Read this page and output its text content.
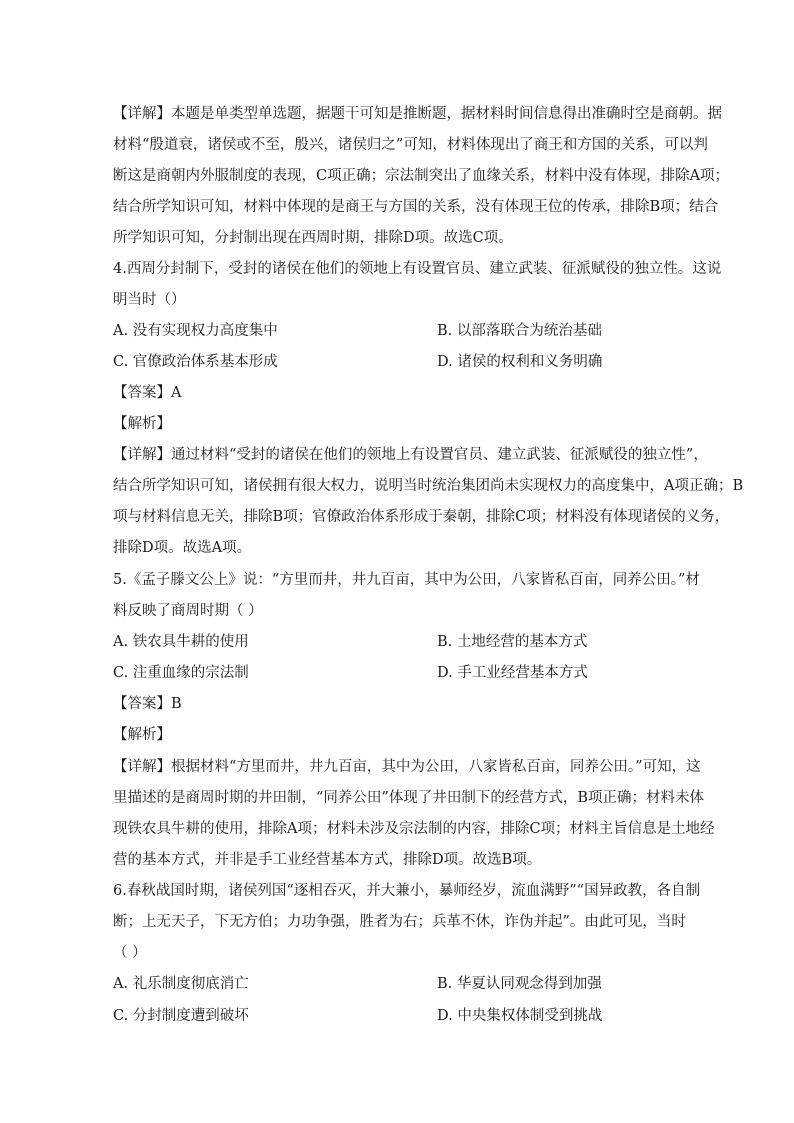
【详解】本题是单类型单选题，据题干可知是推断题，据材料时间信息得出准确时空是商朝。据
材料“殷道衰，诸侯或不至，殷兴，诸侯归之”可知，材料体现出了商王和方国的关系，可以判
断这是商朝内外服制度的表现，C项正确；宗法制突出了血缘关系，材料中没有体现，排除A项；
结合所学知识可知，材料中体现的是商王与方国的关系，没有体现王位的传承，排除B项；结合
所学知识可知，分封制出现在西周时期，排除D项。故选C项。
4.西周分封制下，受封的诸侯在他们的领地上有设置官员、建立武装、征派赋役的独立性。这说
明当时（）
A. 没有实现权力高度集中	B. 以部落联合为统治基础
C. 官僚政治体系基本形成	D. 诸侯的权利和义务明确
【答案】A
【解析】
【详解】通过材料“受封的诸侯在他们的领地上有设置官员、建立武装、征派赋役的独立性”，
结合所学知识可知，诸侯拥有很大权力，说明当时统治集团尚未实现权力的高度集中，A项正确；B
项与材料信息无关，排除B项；官僚政治体系形成于秦朝，排除C项；材料没有体现诸侯的义务，
排除D项。故选A项。
5.《孟子滕文公上》说：“方里而井，井九百亩，其中为公田，八家皆私百亩，同养公田。”材
料反映了商周时期（ ）
A. 铁农具牛耕的使用	B. 土地经营的基本方式
C. 注重血缘的宗法制	D. 手工业经营基本方式
【答案】B
【解析】
【详解】根据材料“方里而井，井九百亩，其中为公田，八家皆私百亩，同养公田。”可知，这
里描述的是商周时期的井田制，“同养公田”体现了井田制下的经营方式，B项正确；材料未体
现铁农具牛耕的使用，排除A项；材料未涉及宗法制的内容，排除C项；材料主旨信息是土地经
营的基本方式，并非是手工业经营基本方式，排除D项。故选B项。
6.春秋战国时期，诸侯列国“逐相吞灭，并大兼小，暴师经岁，流血满野”“国异政教，各自制
断；上无天子，下无方伯；力功争强，胜者为右；兵革不休，诈伪并起”。由此可见，当时
（ ）
A. 礼乐制度彻底消亡	B. 华夏认同观念得到加强
C. 分封制度遭到破坏	D. 中央集权体制受到挑战
